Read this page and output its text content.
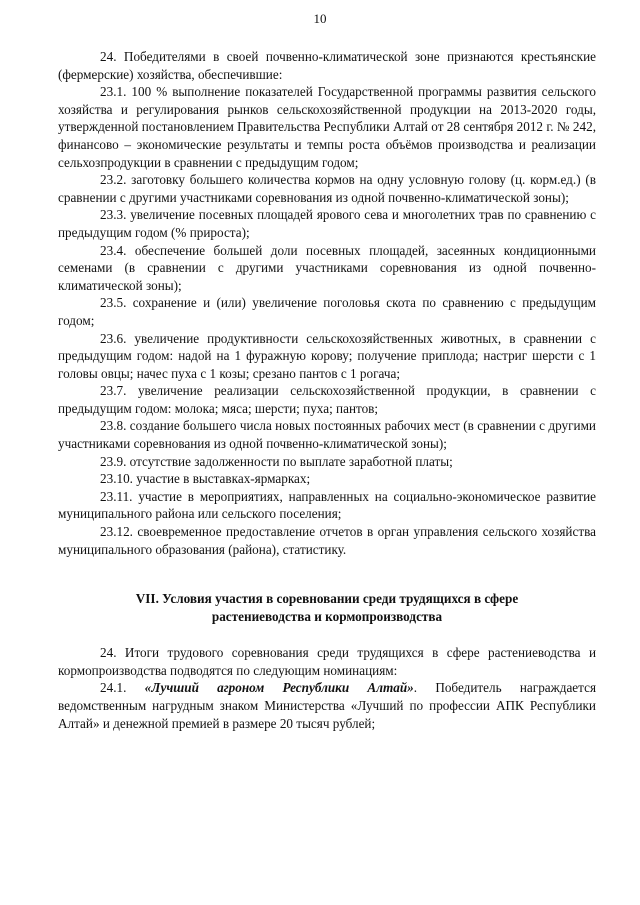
10

24. Победителями в своей почвенно-климатической зоне признаются крестьянские (фермерские) хозяйства, обеспечившие:

23.1. 100 % выполнение показателей Государственной программы развития сельского хозяйства и регулирования рынков сельскохозяйственной продукции на 2013-2020 годы, утвержденной постановлением Правительства Республики Алтай от 28 сентября 2012 г. № 242, финансово – экономические результаты и темпы роста объёмов производства и реализации сельхозпродукции в сравнении с предыдущим годом;

23.2. заготовку большего количества кормов на одну условную голову (ц. корм.ед.) (в сравнении с другими участниками соревнования из одной почвенно-климатической зоны);

23.3. увеличение посевных площадей ярового сева и многолетних трав по сравнению с предыдущим годом (% прироста);

23.4. обеспечение большей доли посевных площадей, засеянных кондиционными семенами (в сравнении с другими участниками соревнования из одной почвенно-климатической зоны);

23.5. сохранение и (или) увеличение поголовья скота по сравнению с предыдущим годом;

23.6. увеличение продуктивности сельскохозяйственных животных, в сравнении с предыдущим годом: надой на 1 фуражную корову; получение приплода; настриг шерсти с 1 головы овцы; начес пуха с 1 козы; срезано пантов с 1 рогача;

23.7. увеличение реализации сельскохозяйственной продукции, в сравнении с предыдущим годом: молока; мяса; шерсти; пуха; пантов;

23.8. создание большего числа новых постоянных рабочих мест (в сравнении с другими участниками соревнования из одной почвенно-климатической зоны);

23.9. отсутствие задолженности по выплате заработной платы;

23.10. участие в выставках-ярмарках;

23.11. участие в мероприятиях, направленных на социально-экономическое развитие муниципального района или сельского поселения;

23.12. своевременное предоставление отчетов в орган управления сельского хозяйства муниципального образования (района), статистику.

VII. Условия участия в соревновании среди трудящихся в сфере
растениеводства и кормопроизводства

24. Итоги трудового соревнования среди трудящихся в сфере растениеводства и кормопроизводства подводятся по следующим номинациям:

24.1. «Лучший агроном Республики Алтай». Победитель награждается ведомственным нагрудным знаком Министерства «Лучший по профессии АПК Республики Алтай» и денежной премией в размере 20 тысяч рублей;
